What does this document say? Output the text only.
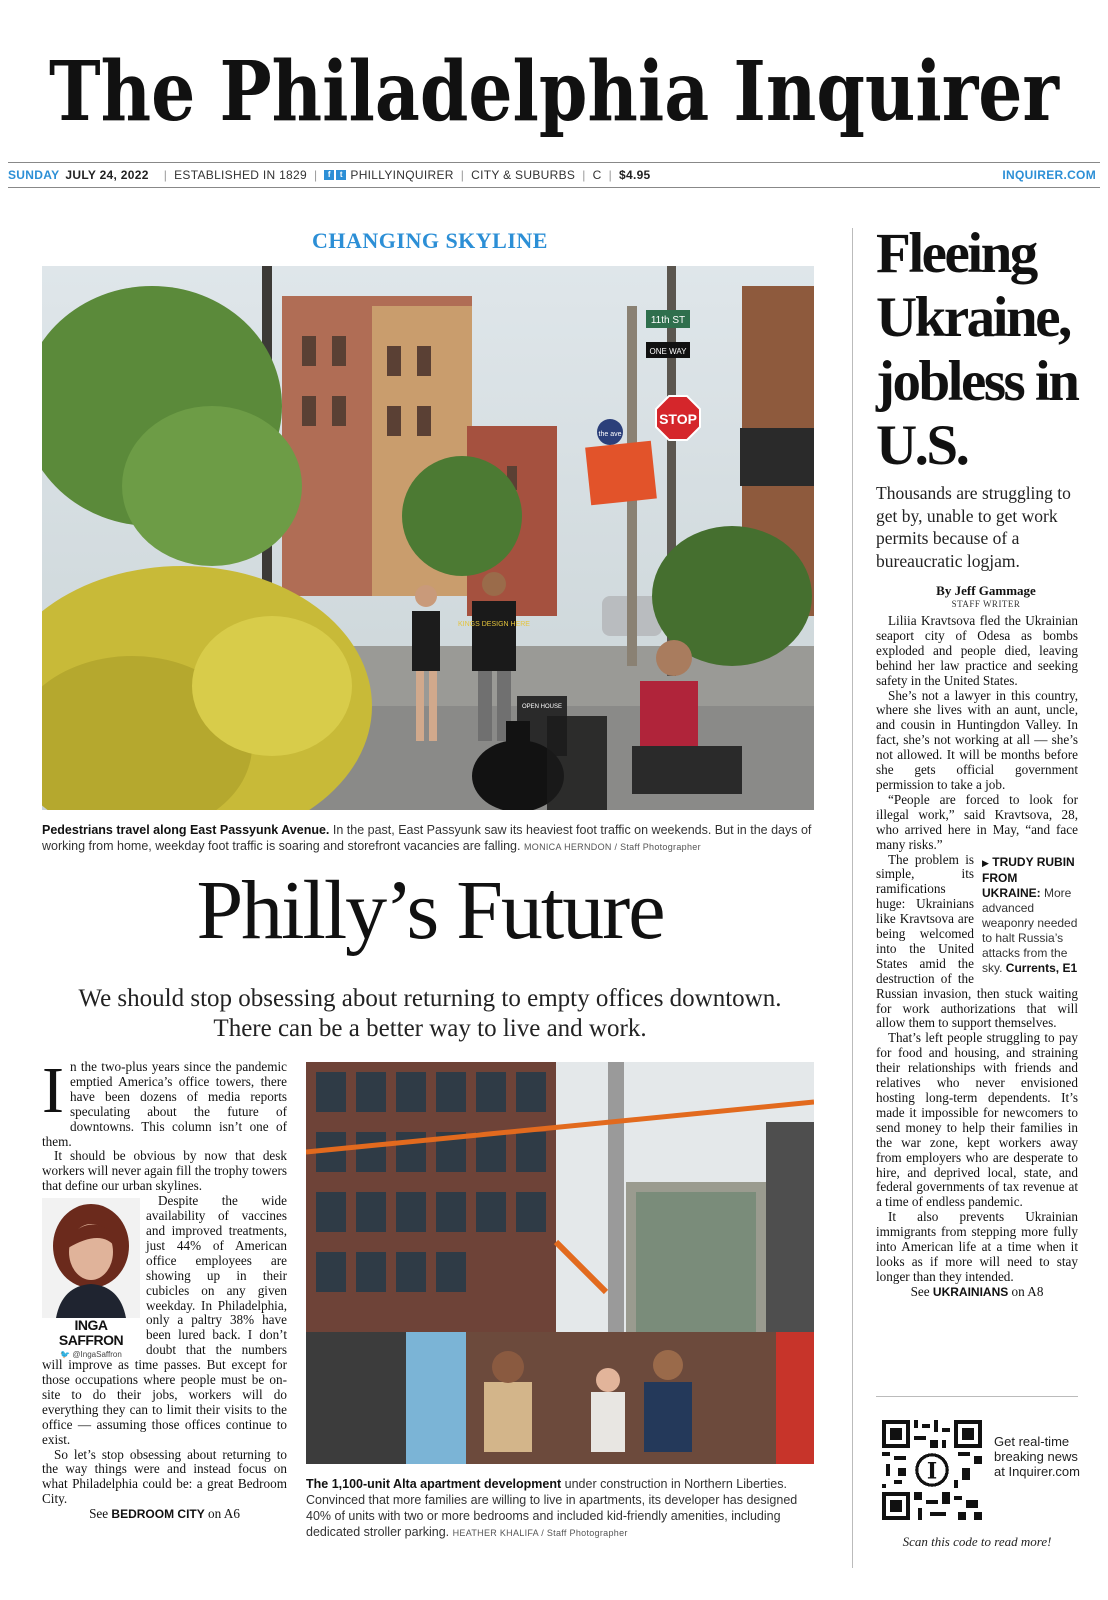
The Philadelphia Inquirer
SUNDAY JULY 24, 2022 | ESTABLISHED IN 1829 |	f	t PHILLYINQUIRER | CITY & SUBURBS | C | $4.95	INQUIRER.COM
CHANGING SKYLINE
11th ST
ONE WAY
STOP
the ave
KINGS DESIGN HERE
OPEN HOUSE
Pedestrians travel along East Passyunk Avenue. In the past, East Passyunk saw its heaviest foot traffic on weekends. But in the days of working from home, weekday foot traffic is soaring and storefront vacancies are falling. MONICA HERNDON / Staff Photographer
Philly’s Future
We should stop obsessing about returning to empty offices downtown. There can be a better way to live and work.

In the two-plus years since the pandemic emptied America’s office towers, there have been dozens of media reports speculating about the future of downtowns. This column isn’t one of them.

It should be obvious by now that desk workers will never again fill the trophy towers that define our urban skylines.

INGA SAFFRON
🐦 @IngaSaffron

Despite the wide availability of vaccines and improved treatments, just 44% of American office employees are showing up in their cubicles on any given weekday. In Philadelphia, only a paltry 38% have been lured back. I don’t doubt that the numbers will improve as time passes. But except for those occupations where people must be on-site to do their jobs, workers will do everything they can to limit their visits to the office — assuming those offices continue to exist.

So let’s stop obsessing about returning to the way things were and instead focus on what Philadelphia could be: a great Bedroom City.

See BEDROOM CITY on A6

The 1,100-unit Alta apartment development under construction in Northern Liberties. Convinced that more families are willing to live in apartments, its developer has designed 40% of units with two or more bedrooms and included kid-friendly amenities, including dedicated stroller parking. HEATHER KHALIFA / Staff Photographer
Fleeing Ukraine, jobless in U.S.
Thousands are struggling to get by, unable to get work permits because of a bureaucratic logjam.
By Jeff Gammage
STAFF WRITER

Liliia Kravtsova fled the Ukrainian seaport city of Odesa as bombs exploded and people died, leaving behind her law practice and seeking safety in the United States.

She’s not a lawyer in this country, where she lives with an aunt, uncle, and cousin in Huntingdon Valley. In fact, she’s not working at all — she’s not allowed. It will be months before she gets official government permission to take a job.

“People are forced to look for illegal work,” said Kravtsova, 28, who arrived here in May, “and face many risks.”

▶ TRUDY RUBIN FROM UKRAINE: More advanced weaponry needed to halt Russia’s attacks from the sky. Currents, E1

The problem is simple, its ramifications huge: Ukrainians like Kravtsova are being welcomed into the United States amid the destruction of the Russian invasion, then stuck waiting for work authorizations that will allow them to support themselves.

That’s left people struggling to pay for food and housing, and straining their relationships with friends and relatives who never envisioned hosting long-term dependents. It’s made it impossible for newcomers to send money to help their families in the war zone, kept workers away from employers who are desperate to hire, and deprived local, state, and federal governments of tax revenue at a time of endless pandemic.

It also prevents Ukrainian immigrants from stepping more fully into American life at a time when it looks as if more will need to stay longer than they intended.

See UKRAINIANS on A8

I
Get real-time breaking news at Inquirer.com
Scan this code to read more!
